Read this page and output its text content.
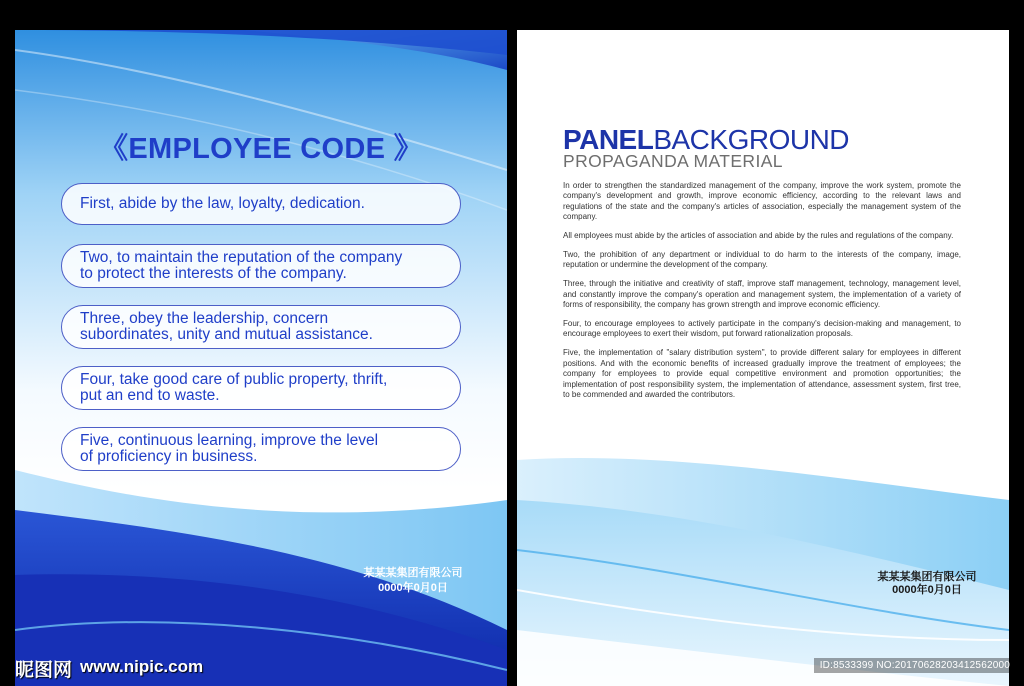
《EMPLOYEE CODE 》
First, abide by the law, loyalty, dedication.
Two, to maintain the reputation of the company
to protect the interests of the company.
Three, obey the leadership, concern
subordinates, unity and mutual assistance.
Four, take good care of public property, thrift,
put an end to waste.
Five, continuous learning, improve the level
of proficiency in business.
某某某集团有限公司
0000年0月0日
PANELBACKGROUND
PROPAGANDA MATERIAL

In order to strengthen the standardized management of the company, improve the work system, promote the company's development and growth, improve economic efficiency, according to the relevant laws and regulations of the state and the company's articles of association, especially the management system of the company.

All employees must abide by the articles of association and abide by the rules and regulations of the company.

Two, the prohibition of any department or individual to do harm to the interests of the company, image, reputation or undermine the development of the company.

Three, through the initiative and creativity of staff, improve staff management, technology, management level, and constantly improve the company's operation and management system, the implementation of a variety of forms of responsibility, the company has grown strength and improve economic efficiency.

Four, to encourage employees to actively participate in the company's decision-making and management, to encourage employees to exert their wisdom, put forward rationalization proposals.

Five, the implementation of "salary distribution system", to provide different salary for employees in different positions. And with the economic benefits of increased gradually improve the treatment of employees; the company for employees to provide equal competitive environment and promotion opportunities; the implementation of post responsibility system, the implementation of attendance, assessment system, first tree, to be commended and awarded the contributors.

某某某集团有限公司
0000年0月0日
昵图网 www.nipic.com	ID:8533399 NO:20170628203412562000
